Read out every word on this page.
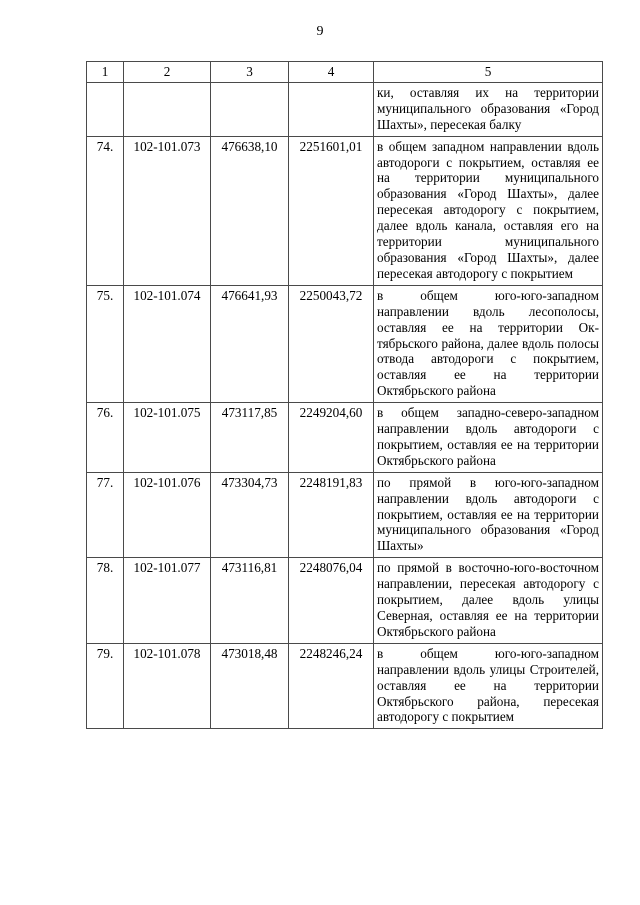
9
1	2	3	4	5
				ки, оставляя их на территории муниципального образования «Город Шахты», пересекая балку
74.	102-101.073	476638,10	2251601,01	в общем западном направлении вдоль автодороги с покрытием, оставляя ее на территории муниципального образования «Город Шахты», далее пересекая автодорогу с покрытием, далее вдоль канала, оставляя его на территории муниципального образования «Город Шахты», далее пересекая автодорогу с покрытием
75.	102-101.074	476641,93	2250043,72	в общем юго-юго-западном направлении вдоль лесополосы, оставляя ее на территории Октябрьского района, далее вдоль полосы отвода автодороги с покрытием, оставляя ее на территории Октябрьского района
76.	102-101.075	473117,85	2249204,60	в общем западно-северо-западном направлении вдоль автодороги с покрытием, оставляя ее на территории Октябрьского района
77.	102-101.076	473304,73	2248191,83	по прямой в юго-юго-западном направлении вдоль автодороги с покрытием, оставляя ее на территории муниципального образования «Город Шахты»
78.	102-101.077	473116,81	2248076,04	по прямой в восточно-юго-восточном направлении, пересекая автодорогу с покрытием, далее вдоль улицы Северная, оставляя ее на территории Октябрьского района
79.	102-101.078	473018,48	2248246,24	в общем юго-юго-западном направлении вдоль улицы Строителей, оставляя ее на территории Октябрьского района, пересекая автодорогу с покрытием
